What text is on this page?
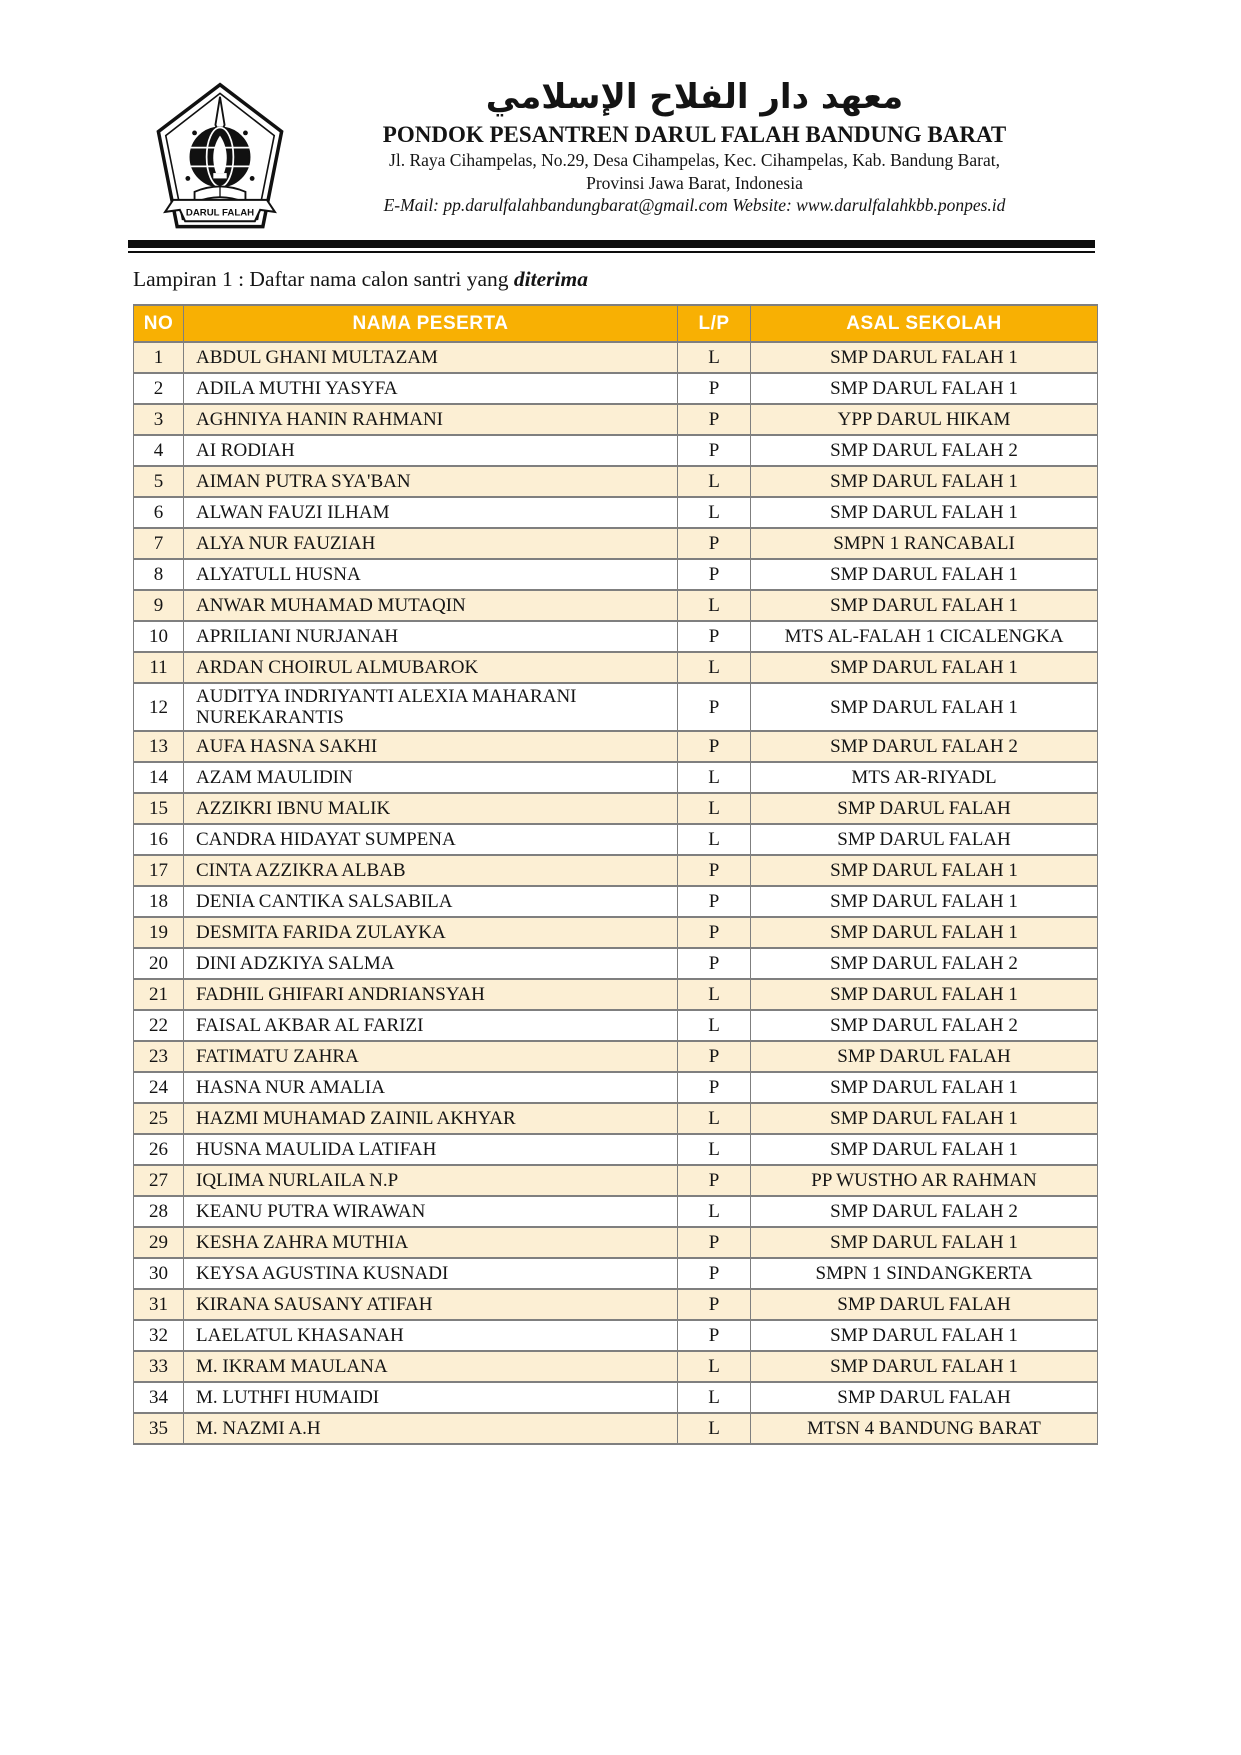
DARUL FALAH
معهد دار الفلاح الإسلامي
PONDOK PESANTREN DARUL FALAH BANDUNG BARAT
Jl. Raya Cihampelas, No.29, Desa Cihampelas, Kec. Cihampelas, Kab. Bandung Barat,
Provinsi Jawa Barat, Indonesia
E-Mail: pp.darulfalahbandungbarat@gmail.com Website: www.darulfalahkbb.ponpes.id
Lampiran 1 : Daftar nama calon santri yang diterima
NO	NAMA PESERTA	L/P	ASAL SEKOLAH
1	ABDUL GHANI MULTAZAM	L	SMP DARUL FALAH 1
2	ADILA MUTHI YASYFA	P	SMP DARUL FALAH 1
3	AGHNIYA HANIN RAHMANI	P	YPP DARUL HIKAM
4	AI RODIAH	P	SMP DARUL FALAH 2
5	AIMAN PUTRA SYA'BAN	L	SMP DARUL FALAH 1
6	ALWAN FAUZI ILHAM	L	SMP DARUL FALAH 1
7	ALYA NUR FAUZIAH	P	SMPN 1 RANCABALI
8	ALYATULL HUSNA	P	SMP DARUL FALAH 1
9	ANWAR MUHAMAD MUTAQIN	L	SMP DARUL FALAH 1
10	APRILIANI NURJANAH	P	MTS AL-FALAH 1 CICALENGKA
11	ARDAN CHOIRUL ALMUBAROK	L	SMP DARUL FALAH 1
12	AUDITYA INDRIYANTI ALEXIA MAHARANI NUREKARANTIS	P	SMP DARUL FALAH 1
13	AUFA HASNA SAKHI	P	SMP DARUL FALAH 2
14	AZAM MAULIDIN	L	MTS AR-RIYADL
15	AZZIKRI IBNU MALIK	L	SMP DARUL FALAH
16	CANDRA HIDAYAT SUMPENA	L	SMP DARUL FALAH
17	CINTA AZZIKRA ALBAB	P	SMP DARUL FALAH 1
18	DENIA CANTIKA SALSABILA	P	SMP DARUL FALAH 1
19	DESMITA FARIDA ZULAYKA	P	SMP DARUL FALAH 1
20	DINI ADZKIYA SALMA	P	SMP DARUL FALAH 2
21	FADHIL GHIFARI ANDRIANSYAH	L	SMP DARUL FALAH 1
22	FAISAL AKBAR AL FARIZI	L	SMP DARUL FALAH 2
23	FATIMATU ZAHRA	P	SMP DARUL FALAH
24	HASNA NUR AMALIA	P	SMP DARUL FALAH 1
25	HAZMI MUHAMAD ZAINIL AKHYAR	L	SMP DARUL FALAH 1
26	HUSNA MAULIDA LATIFAH	L	SMP DARUL FALAH 1
27	IQLIMA NURLAILA N.P	P	PP WUSTHO AR RAHMAN
28	KEANU PUTRA WIRAWAN	L	SMP DARUL FALAH 2
29	KESHA ZAHRA MUTHIA	P	SMP DARUL FALAH 1
30	KEYSA AGUSTINA KUSNADI	P	SMPN 1 SINDANGKERTA
31	KIRANA SAUSANY ATIFAH	P	SMP DARUL FALAH
32	LAELATUL KHASANAH	P	SMP DARUL FALAH 1
33	M. IKRAM MAULANA	L	SMP DARUL FALAH 1
34	M. LUTHFI HUMAIDI	L	SMP DARUL FALAH
35	M. NAZMI A.H	L	MTSN 4 BANDUNG BARAT
